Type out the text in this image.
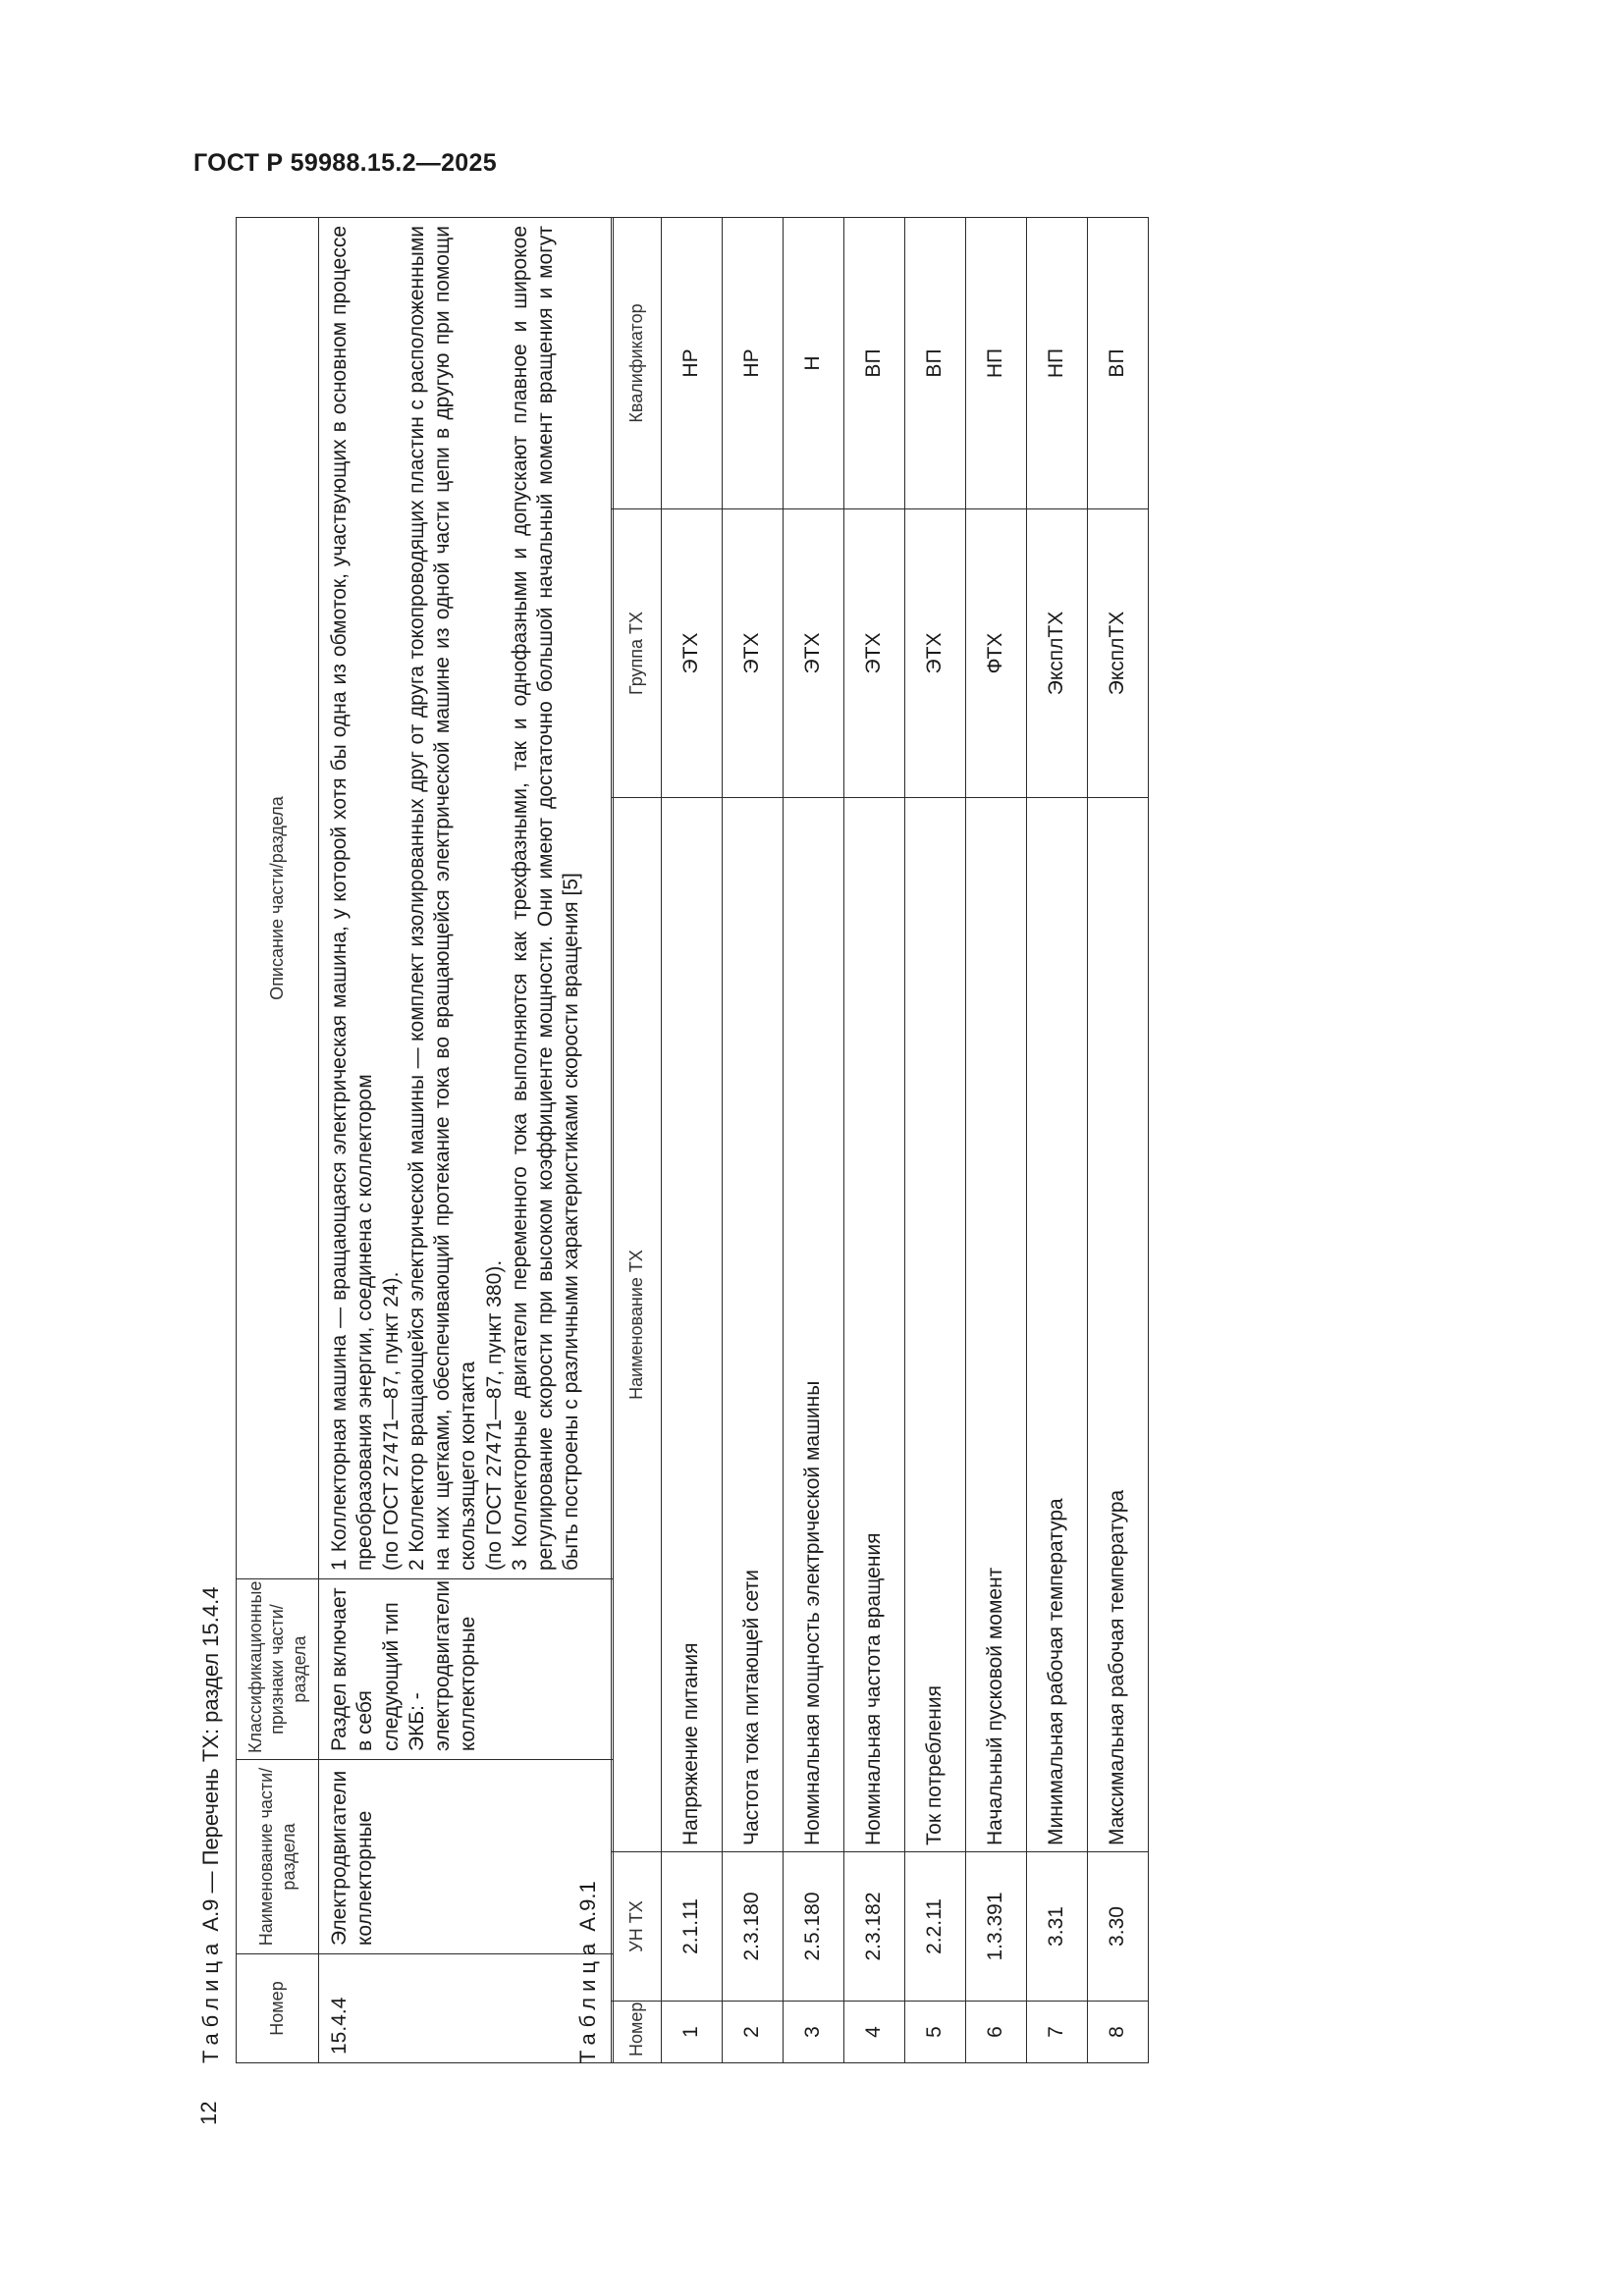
ГОСТ Р 59988.15.2—2025
12
Таблица А.9 — Перечень ТХ: раздел 15.4.4
Номер	Наименование части/ раздела	Классификационные признаки части/раздела	Описание части/раздела
15.4.4	Электродвигатели коллекторные	Раздел включает в себя следующий тип ЭКБ: - электродвигатели коллекторные	1 Коллекторная машина — вращающаяся электрическая машина, у которой хотя бы одна из обмоток, участвующих в основном процессе преобразования энергии, соединена с коллектором (по ГОСТ 27471—87, пункт 24). 2 Коллектор вращающейся электрической машины — комплект изолированных друг от друга токопроводящих пластин с расположенными на них щетками, обеспечивающий протекание тока во вращающейся электрической машине из одной части цепи в другую при помощи скользящего контакта (по ГОСТ 27471—87, пункт 380). 3 Коллекторные двигатели переменного тока выполняются как трехфазными, так и однофазными и допускают плавное и широкое регулирование скорости при высоком коэффициенте мощности. Они имеют достаточно большой начальный момент вращения и могут быть построены с различными характеристиками скорости вращения [5]

Таблица А.9.1
Номер	УН ТХ	Наименование ТХ	Группа ТХ	Квалификатор
1	2.1.11	Напряжение питания	ЭТХ	НР
2	2.3.180	Частота тока питающей сети	ЭТХ	НР
3	2.5.180	Номинальная мощность электрической машины	ЭТХ	Н
4	2.3.182	Номинальная частота вращения	ЭТХ	ВП
5	2.2.11	Ток потребления	ЭТХ	ВП
6	1.3.391	Начальный пусковой момент	ФТХ	НП
7	3.31	Минимальная рабочая температура	ЭксплТХ	НП
8	3.30	Максимальная рабочая температура	ЭксплТХ	ВП
